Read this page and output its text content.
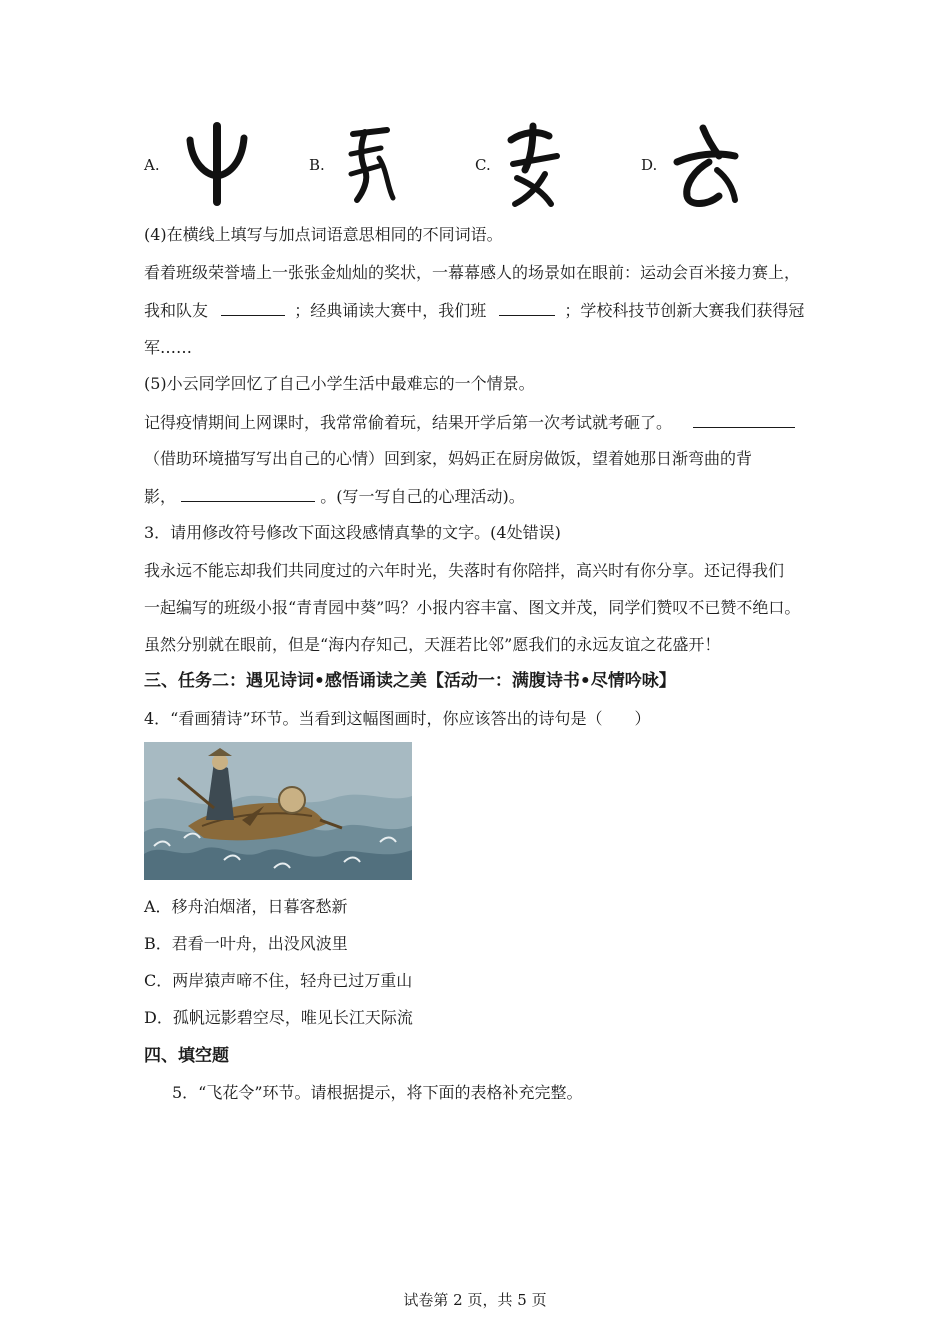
A.	B.	C.	D.
(4)在横线上填写与加点词语意思相同的不同词语。
看着班级荣誉墙上一张张金灿灿的奖状，一幕幕感人的场景如在眼前：运动会百米接力赛上，
我和队友	；经典诵读大赛中，我们班	；学校科技节创新大赛我们获得冠
军……
(5)小云同学回忆了自己小学生活中最难忘的一个情景。
记得疫情期间上网课时，我常常偷着玩，结果开学后第一次考试就考砸了。
（借助环境描写写出自己的心情）回到家，妈妈正在厨房做饭，望着她那日渐弯曲的背
影，	。(写一写自己的心理活动)。
3．请用修改符号修改下面这段感情真挚的文字。(4处错误)
我永远不能忘却我们共同度过的六年时光，失落时有你陪拌，高兴时有你分享。还记得我们
一起编写的班级小报“青青园中葵”吗？小报内容丰富、图文并茂，同学们赞叹不已赞不绝口。
虽然分别就在眼前，但是“海内存知己，天涯若比邻”愿我们的永远友谊之花盛开！
三、任务二：遇见诗词•感悟诵读之美【活动一：满腹诗书•尽情吟咏】
4．“看画猜诗”环节。当看到这幅图画时，你应该答出的诗句是（　　）
A．移舟泊烟渚，日暮客愁新
B．君看一叶舟，出没风波里
C．两岸猿声啼不住，轻舟已过万重山
D．孤帆远影碧空尽，唯见长江天际流
四、填空题
5．“飞花令”环节。请根据提示，将下面的表格补充完整。
试卷第 2 页，共 5 页
